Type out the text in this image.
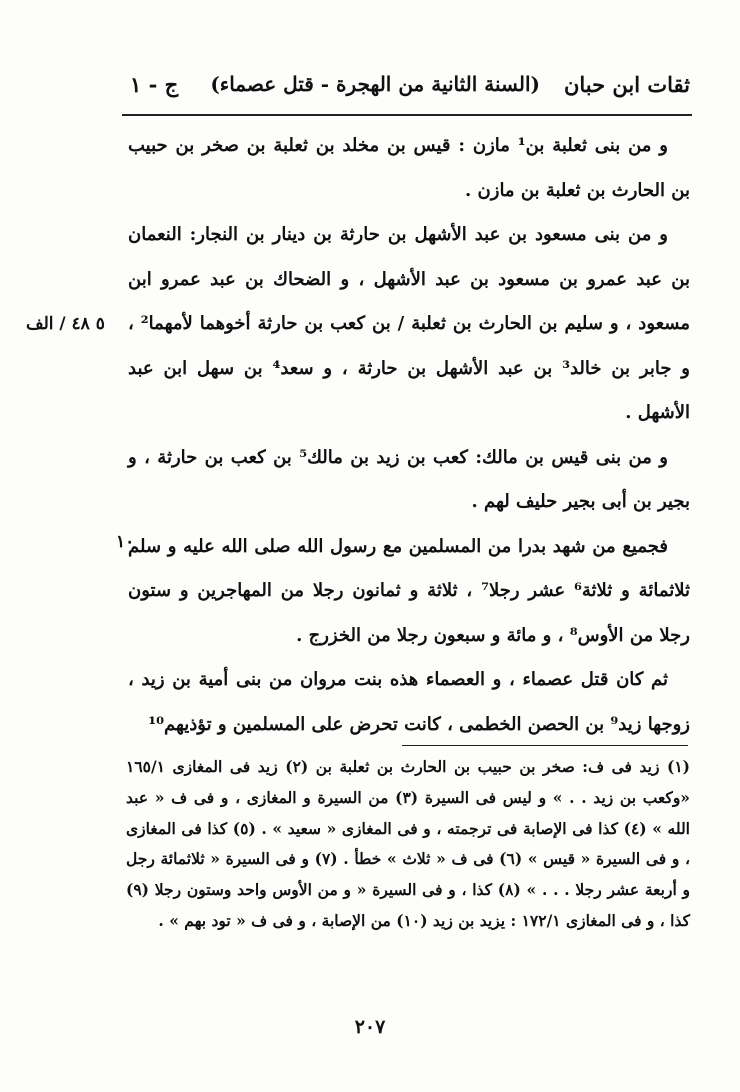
ثقات ابن حبان
(السنة الثانية من الهجرة - قتل عصماء)
ج - ١

و من بنى ثعلبة بن¹ مازن : قيس بن مخلد بن ثعلبة بن صخر بن حبيب بن الحارث بن ثعلبة بن مازن .

و من بنى مسعود بن عبد الأشهل بن حارثة بن دينار بن النجار: النعمان بن عبد عمرو بن مسعود بن عبد الأشهل ، و الضحاك بن عبد عمرو ابن مسعود ، و سليم بن الحارث بن ثعلبة / بن كعب بن حارثة أخوهما لأمهما² ، و جابر بن خالد³ بن عبد الأشهل بن حارثة ، و سعد⁴ بن سهل ابن عبد الأشهل .

و من بنى قيس بن مالك: كعب بن زيد بن مالك⁵ بن كعب بن حارثة ، و بجير بن أبى بجير حليف لهم .

فجميع من شهد بدرا من المسلمين مع رسول الله صلى الله عليه و سلم ثلاثمائة و ثلاثة⁶ عشر رجلا⁷ ، ثلاثة و ثمانون رجلا من المهاجرين و ستون رجلا من الأوس⁸ ، و مائة و سبعون رجلا من الخزرج .

ثم كان قتل عصماء ، و العصماء هذه بنت مروان من بنى أمية بن زيد ، زوجها زيد⁹ بن الحصن الخطمى ، كانت تحرض على المسلمين و تؤذيهم¹⁰

٥ ٤٨ / الف
١٠
(١) زيد فى ف: صخر بن حبيب بن الحارث بن ثعلبة بن (٢) زيد فى المغازى ١٦٥/١ «وكعب بن زيد . . » و ليس فى السيرة (٣) من السيرة و المغازى ، و فى ف « عبد الله » (٤) كذا فى الإصابة فى ترجمته ، و فى المغازى « سعيد » . (٥) كذا فى المغازى ، و فى السيرة « قيس » (٦) فى ف « ثلاث » خطأ . (٧) و فى السيرة « ثلاثمائة رجل و أربعة عشر رجلا . . . » (٨) كذا ، و فى السيرة « و من الأوس واحد وستون رجلا (٩) كذا ، و فى المغازى ١٧٢/١ : يزيد بن زيد (١٠) من الإصابة ، و فى ف « تود بهم » .
٢٠٧
